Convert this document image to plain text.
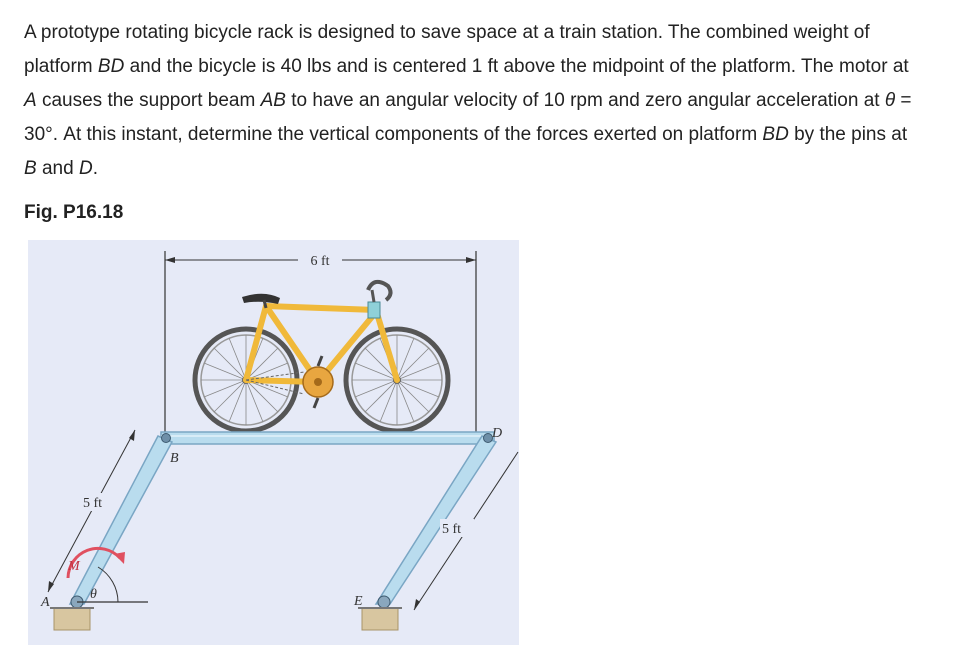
A prototype rotating bicycle rack is designed to save space at a train station. The combined weight of platform BD and the bicycle is 40 lbs and is centered 1 ft above the midpoint of the platform. The motor at A causes the support beam AB to have an angular velocity of 10 rpm and zero angular acceleration at θ = 30°. At this instant, determine the vertical components of the forces exerted on platform BD by the pins at B and D.

Fig. P16.18

6 ft
θ
M
5 ft
5 ft
A
B
D
E
